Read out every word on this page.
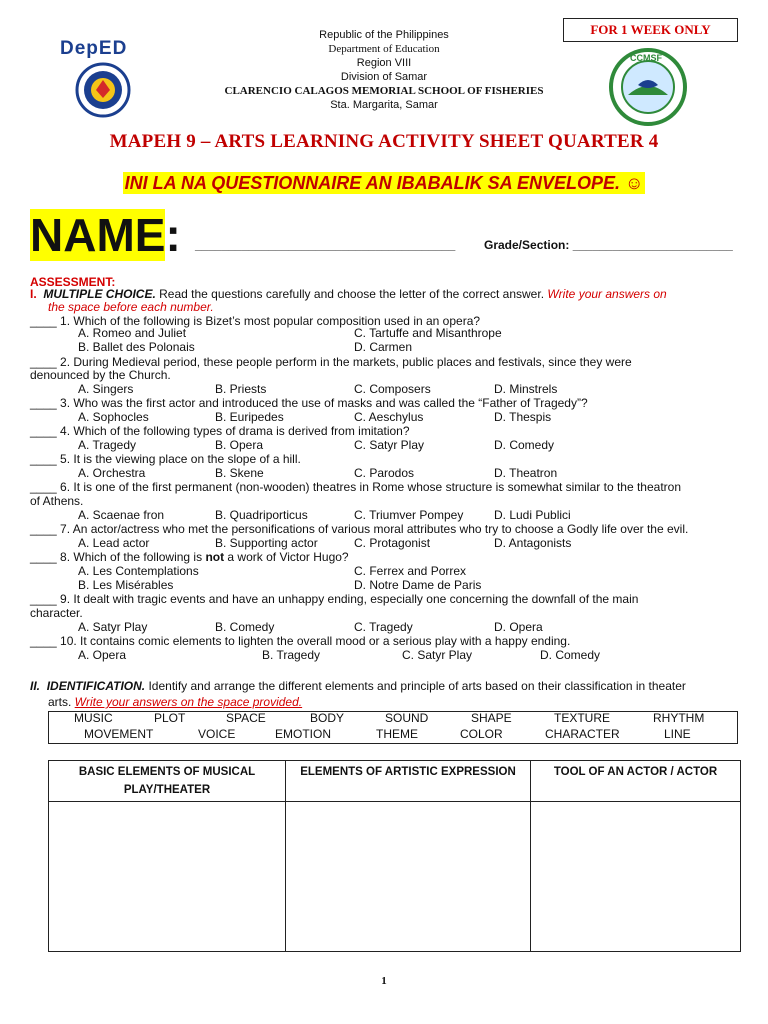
DepED
Republic of the Philippines
Department of Education
Region VIII
Division of Samar
CLARENCIO CALAGOS MEMORIAL SCHOOL OF FISHERIES
Sta. Margarita, Samar
FOR 1 WEEK ONLY
CCMSF
MAPEH 9 – ARTS LEARNING ACTIVITY SHEET QUARTER 4
INI LA NA QUESTIONNAIRE AN IBABALIK SA ENVELOPE. ☺
NAME: _______________________________________ Grade/Section: ________________________
ASSESSMENT:
I. MULTIPLE CHOICE. Read the questions carefully and choose the letter of the correct answer. Write your answers on
the space before each number.
____ 1. Which of the following is Bizet’s most popular composition used in an opera?
A. Romeo and Juliet	C. Tartuffe and Misanthrope
B. Ballet des Polonais	D. Carmen
____ 2. During Medieval period, these people perform in the markets, public places and festivals, since they were
denounced by the Church.
A. Singers	B. Priests	C. Composers	D. Minstrels
____ 3. Who was the first actor and introduced the use of masks and was called the “Father of Tragedy”?
A. Sophocles	B. Euripedes	C. Aeschylus	D. Thespis
____ 4. Which of the following types of drama is derived from imitation?
A. Tragedy	B. Opera	C. Satyr Play	D. Comedy
____ 5. It is the viewing place on the slope of a hill.
A. Orchestra	B. Skene	C. Parodos	D. Theatron
____ 6. It is one of the first permanent (non-wooden) theatres in Rome whose structure is somewhat similar to the theatron
of Athens.
A. Scaenae fron	B. Quadriporticus	C. Triumver Pompey	D. Ludi Publici
____ 7. An actor/actress who met the personifications of various moral attributes who try to choose a Godly life over the evil.
A. Lead actor	B. Supporting actor	C. Protagonist	D. Antagonists
____ 8. Which of the following is not a work of Victor Hugo?
A. Les Contemplations	C. Ferrex and Porrex
B. Les Misérables	D. Notre Dame de Paris
____ 9. It dealt with tragic events and have an unhappy ending, especially one concerning the downfall of the main
character.
A. Satyr Play	B. Comedy	C. Tragedy	D. Opera
____ 10. It contains comic elements to lighten the overall mood or a serious play with a happy ending.
A. Opera	B. Tragedy	C. Satyr Play	D. Comedy
II. IDENTIFICATION. Identify and arrange the different elements and principle of arts based on their classification in theater
arts. Write your answers on the space provided.
MUSIC	PLOT	SPACE	BODY	SOUND	SHAPE	TEXTURE	RHYTHM
MOVEMENT	VOICE	EMOTION	THEME	COLOR	CHARACTER	LINE
BASIC ELEMENTS OF MUSICAL PLAY/THEATER	ELEMENTS OF ARTISTIC EXPRESSION	TOOL OF AN ACTOR / ACTOR

1
